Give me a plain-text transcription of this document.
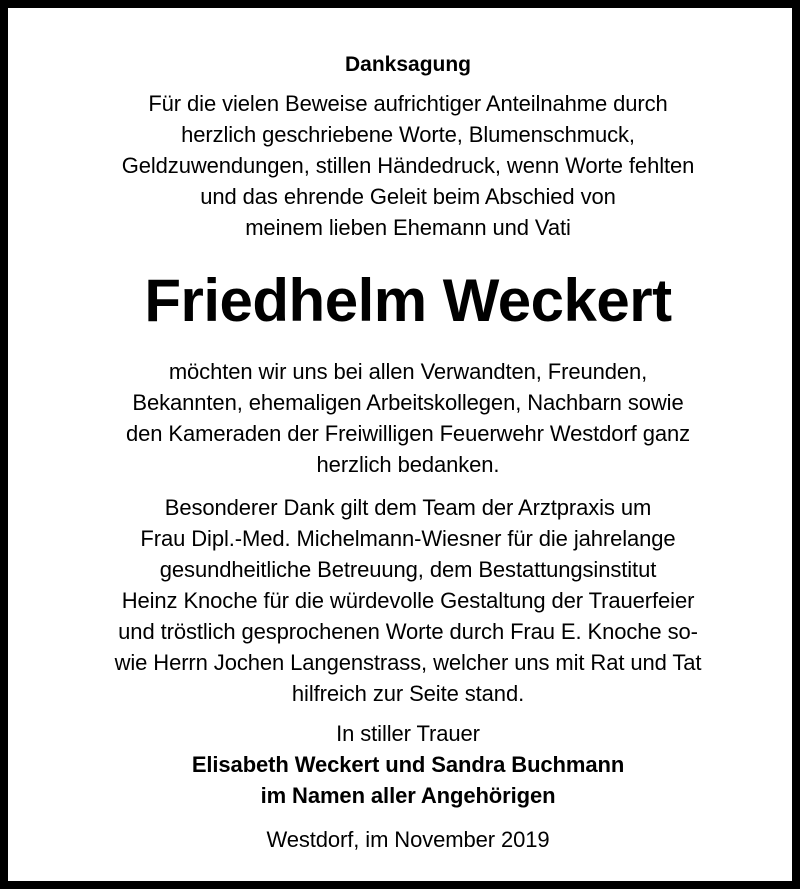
Danksagung
Für die vielen Beweise aufrichtiger Anteilnahme durch
herzlich geschriebene Worte, Blumenschmuck,
Geldzuwendungen, stillen Händedruck, wenn Worte fehlten
und das ehrende Geleit beim Abschied von
meinem lieben Ehemann und Vati
Friedhelm Weckert
möchten wir uns bei allen Verwandten, Freunden,
Bekannten, ehemaligen Arbeitskollegen, Nachbarn sowie
den Kameraden der Freiwilligen Feuerwehr Westdorf ganz
herzlich bedanken.
Besonderer Dank gilt dem Team der Arztpraxis um
Frau Dipl.-Med. Michelmann-Wiesner für die jahrelange
gesundheitliche Betreuung, dem Bestattungsinstitut
Heinz Knoche für die würdevolle Gestaltung der Trauerfeier
und tröstlich gesprochenen Worte durch Frau E. Knoche so-
wie Herrn Jochen Langenstrass, welcher uns mit Rat und Tat
hilfreich zur Seite stand.
In stiller Trauer
Elisabeth Weckert und Sandra Buchmann
im Namen aller Angehörigen
Westdorf, im November 2019
